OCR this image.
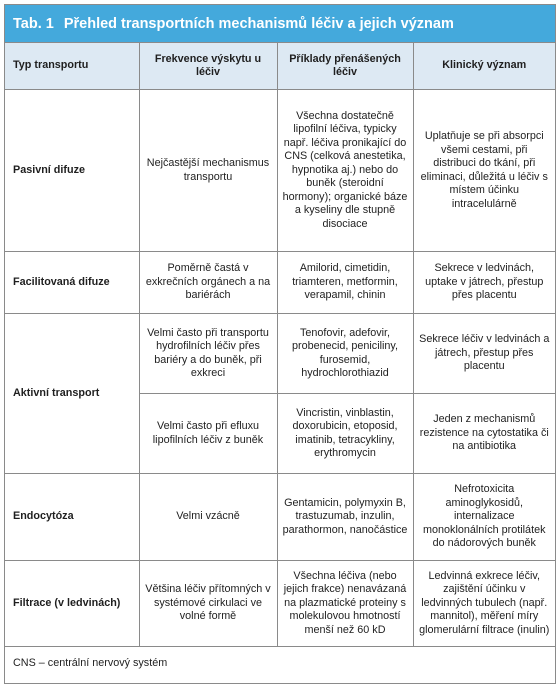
Tab. 1 Přehled transportních mechanismů léčiv a jejich význam
Typ transportu	Frekvence výskytu u léčiv	Příklady přenášených léčiv	Klinický význam
Pasivní difuze	Nejčastější mechanismus transportu	Všechna dostatečně lipofilní léčiva, typicky např. léčiva pronikající do CNS (celková anestetika, hypnotika aj.) nebo do buněk (steroidní hormony); organické báze a kyseliny dle stupně disociace	Uplatňuje se při absorpci všemi cestami, při distribuci do tkání, při eliminaci, důležitá u léčiv s místem účinku intracelulárně
Facilitovaná difuze	Poměrně častá v exkrečních orgánech a na bariérách	Amilorid, cimetidin, triamteren, metformin, verapamil, chinin	Sekrece v ledvinách, uptake v játrech, přestup přes placentu
Aktivní transport	Velmi často při transportu hydrofilních léčiv přes bariéry a do buněk, při exkreci	Tenofovir, adefovir, probenecid, peniciliny, furosemid, hydrochlorothiazid	Sekrece léčiv v ledvinách a játrech, přestup přes placentu
	Velmi často při efluxu lipofilních léčiv z buněk	Vincristin, vinblastin, doxorubicin, etoposid, imatinib, tetracykliny, erythromycin	Jeden z mechanismů rezistence na cytostatika či na antibiotika
Endocytóza	Velmi vzácně	Gentamicin, polymyxin B, trastuzumab, inzulin, parathormon, nanočástice	Nefrotoxicita aminoglykosidů, internalizace monoklonálních protilátek do nádorových buněk
Filtrace (v ledvinách)	Většina léčiv přítomných v systémové cirkulaci ve volné formě	Všechna léčiva (nebo jejich frakce) nenavázaná na plazmatické proteiny s molekulovou hmotností menší než 60 kD	Ledvinná exkrece léčiv, zajištění účinku v ledvinných tubulech (např. mannitol), měření míry glomerulární filtrace (inulin)
CNS – centrální nervový systém
